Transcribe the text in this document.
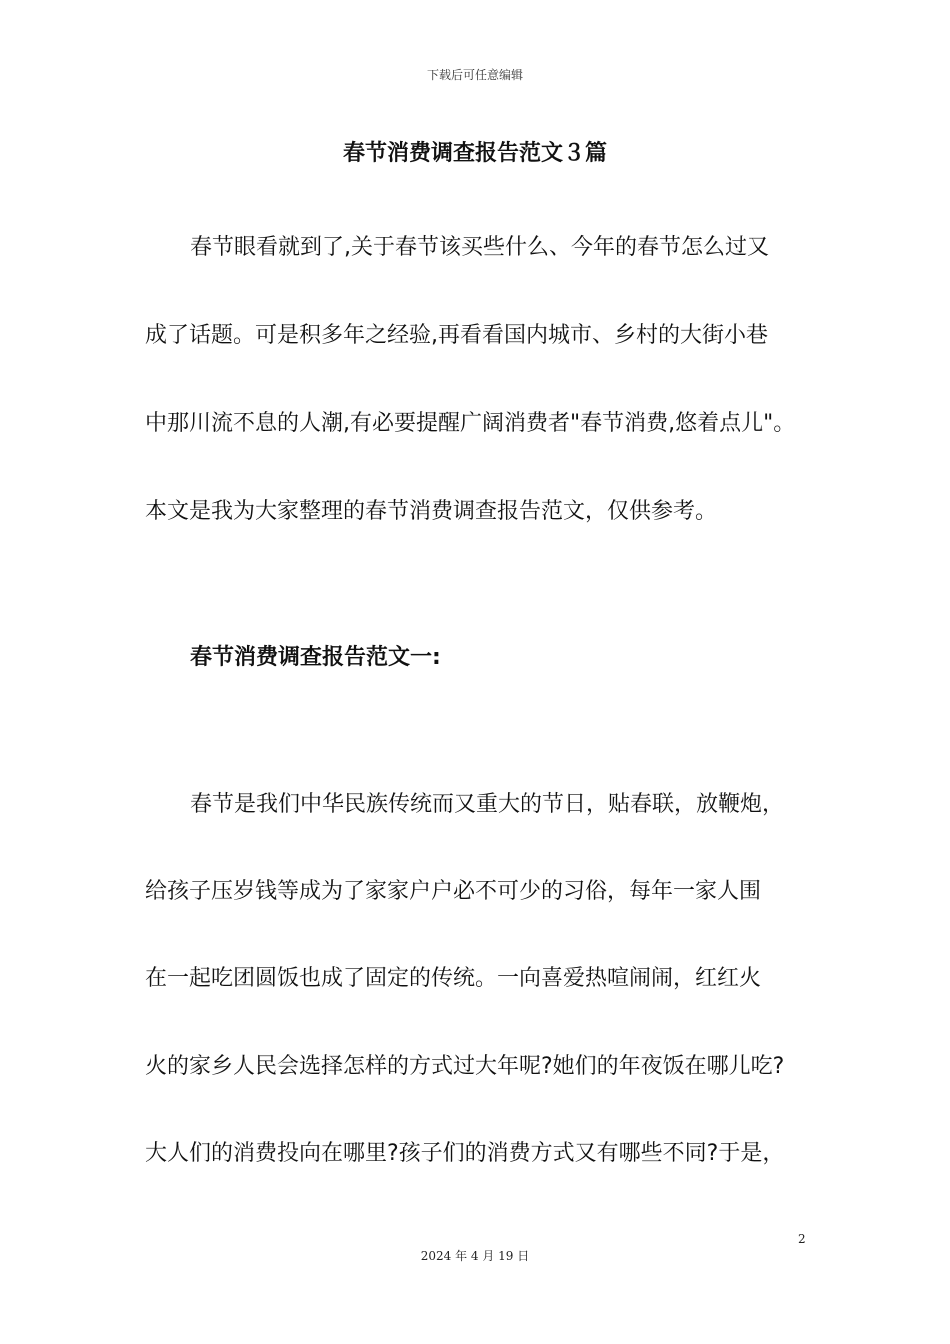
下载后可任意编辑
春节消费调查报告范文３篇
春节眼看就到了,关于春节该买些什么、今年的春节怎么过又
成了话题。可是积多年之经验,再看看国内城市、乡村的大街小巷
中那川流不息的人潮,有必要提醒广阔消费者"春节消费,悠着点儿"。
本文是我为大家整理的春节消费调查报告范文，仅供参考。
春节消费调查报告范文一:
春节是我们中华民族传统而又重大的节日，贴春联，放鞭炮，
给孩子压岁钱等成为了家家户户必不可少的习俗，每年一家人围
在一起吃团圆饭也成了固定的传统。一向喜爱热喧闹闹，红红火
火的家乡人民会选择怎样的方式过大年呢?她们的年夜饭在哪儿吃?
大人们的消费投向在哪里?孩子们的消费方式又有哪些不同?于是，
2
2024 年 4 月 19 日
